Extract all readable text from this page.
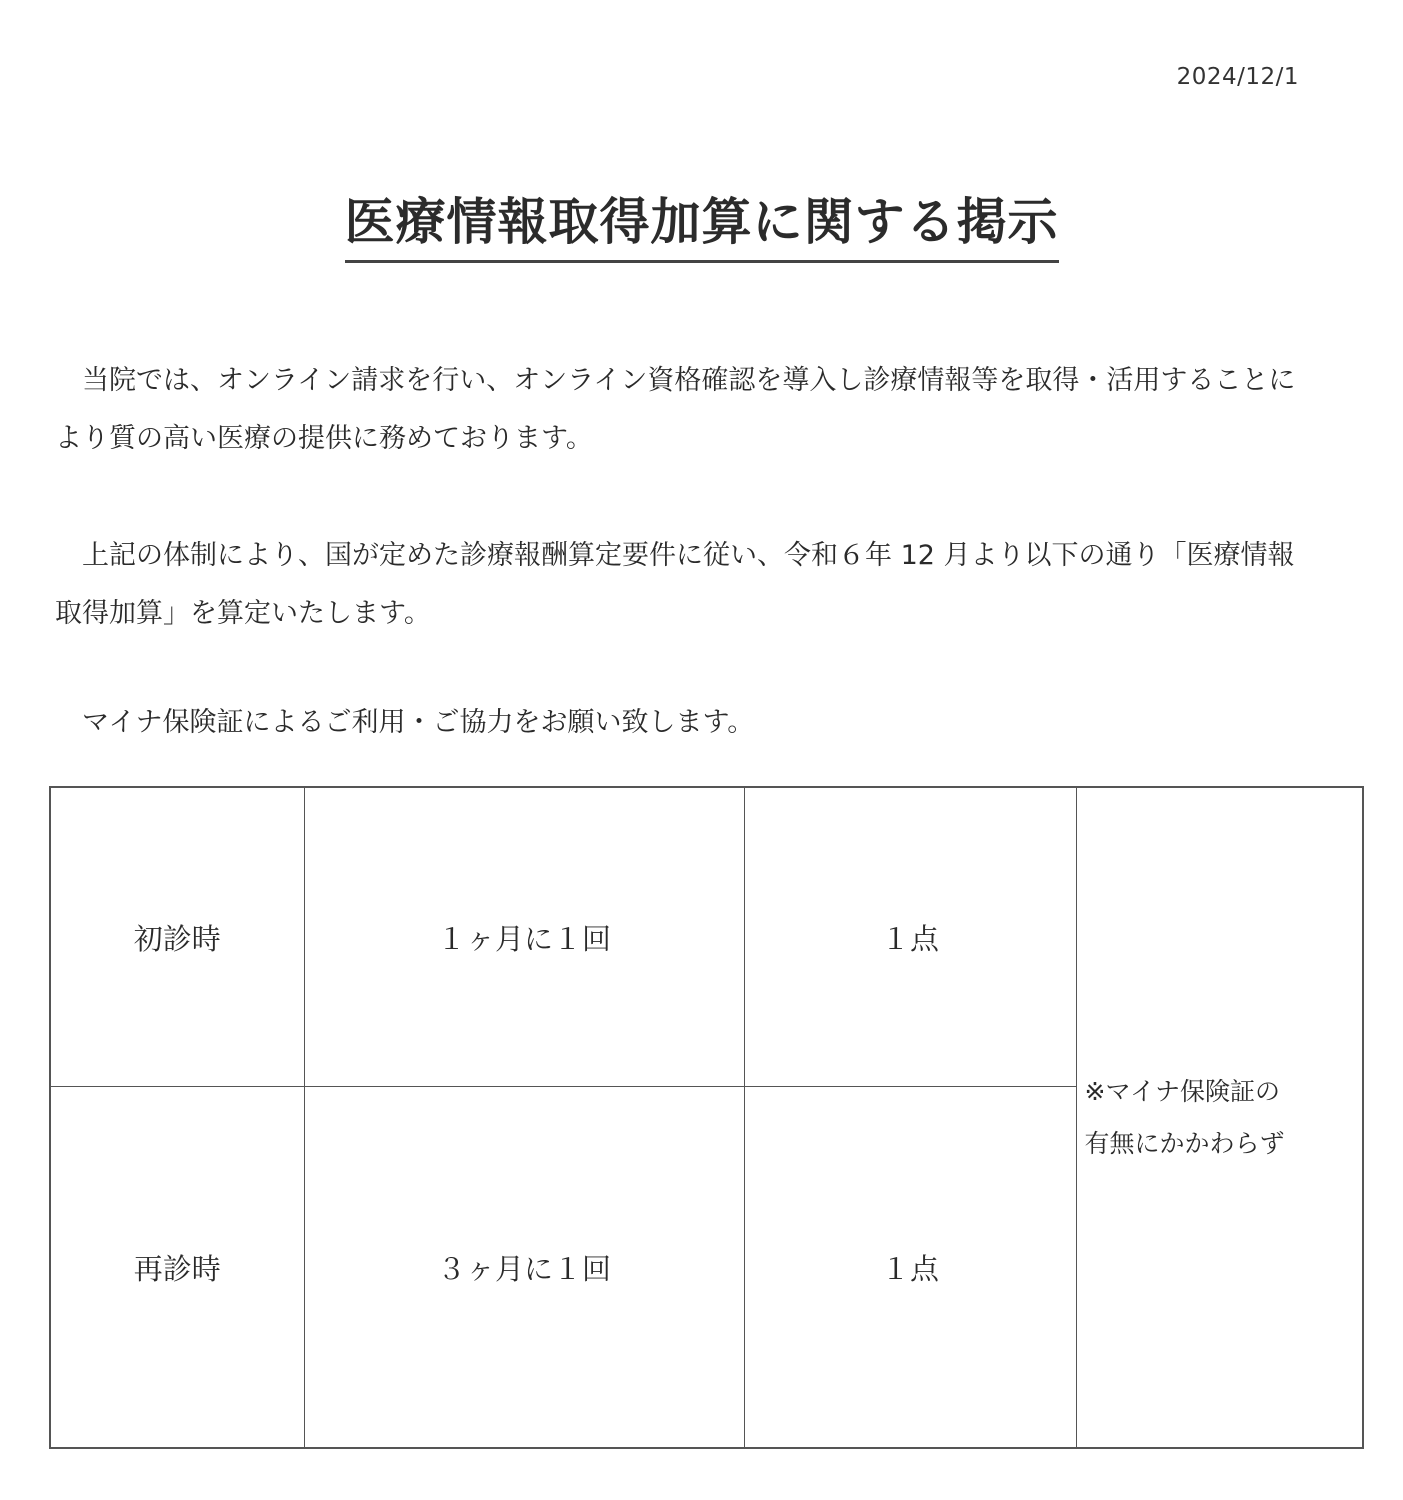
2024/12/1
医療情報取得加算に関する掲示

　当院では、オンライン請求を行い、オンライン資格確認を導入し診療情報等を取得・活用することにより質の高い医療の提供に務めております。

　上記の体制により、国が定めた診療報酬算定要件に従い、令和６年 12 月より以下の通り「医療情報取得加算」を算定いたします。

　マイナ保険証によるご利用・ご協力をお願い致します。

初診時	１ヶ月に１回	１点	※マイナ保険証の
有無にかかわらず

再診時	３ヶ月に１回	１点	
